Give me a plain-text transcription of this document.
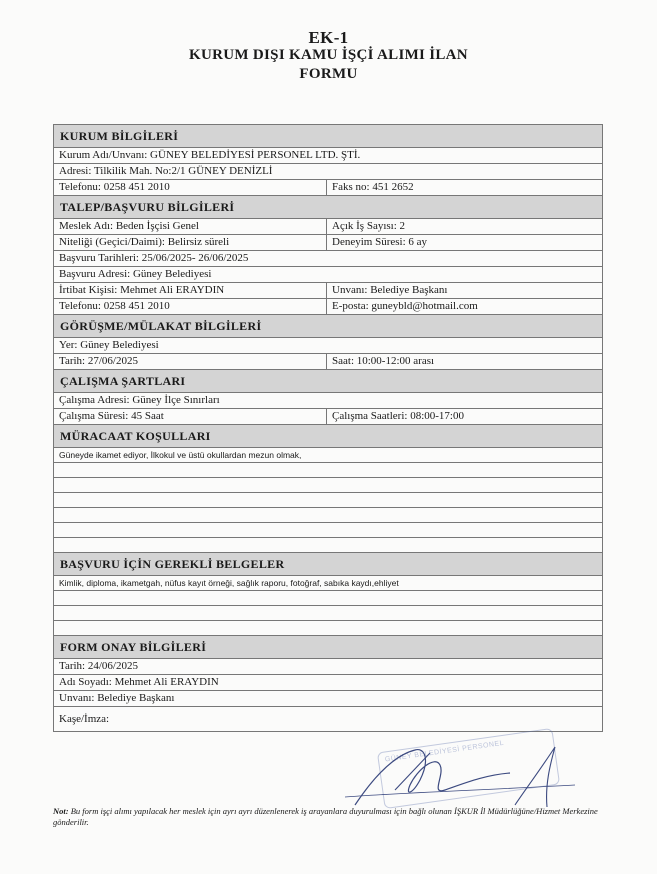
EK-1
KURUM DIŞI KAMU İŞÇİ ALIMI İLAN
FORMU
KURUM BİLGİLERİ
Kurum Adı/Unvanı: GÜNEY BELEDİYESİ PERSONEL LTD. ŞTİ.
Adresi: Tilkilik Mah. No:2/1 GÜNEY DENİZLİ
Telefonu: 0258 451 2010	Faks no: 451 2652
TALEP/BAŞVURU BİLGİLERİ
Meslek Adı: Beden İşçisi Genel	Açık İş Sayısı: 2
Niteliği (Geçici/Daimi): Belirsiz süreli	Deneyim Süresi: 6 ay
Başvuru Tarihleri: 25/06/2025- 26/06/2025
Başvuru Adresi: Güney Belediyesi
İrtibat Kişisi: Mehmet Ali ERAYDIN	Unvanı: Belediye Başkanı
Telefonu: 0258 451 2010	E-posta: guneybld@hotmail.com
GÖRÜŞME/MÜLAKAT BİLGİLERİ
Yer: Güney Belediyesi
Tarih: 27/06/2025	Saat: 10:00-12:00 arası
ÇALIŞMA ŞARTLARI
Çalışma Adresi: Güney İlçe Sınırları
Çalışma Süresi: 45 Saat	Çalışma Saatleri: 08:00-17:00
MÜRACAAT KOŞULLARI
Güneyde ikamet ediyor, İlkokul ve üstü okullardan mezun olmak,
BAŞVURU İÇİN GEREKLİ BELGELER
Kimlik, diploma, ikametgah, nüfus kayıt örneği, sağlık raporu, fotoğraf, sabıka kaydı,ehliyet
FORM ONAY BİLGİLERİ
Tarih: 24/06/2025
Adı Soyadı: Mehmet Ali ERAYDIN
Unvanı: Belediye Başkanı
Kaşe/İmza:
GÜNEY BELEDİYESİ PERSONEL
Not: Bu form işçi alımı yapılacak her meslek için ayrı ayrı düzenlenerek iş arayanlara duyurulması için bağlı olunan İŞKUR İl Müdürlüğüne/Hizmet Merkezine gönderilir.
